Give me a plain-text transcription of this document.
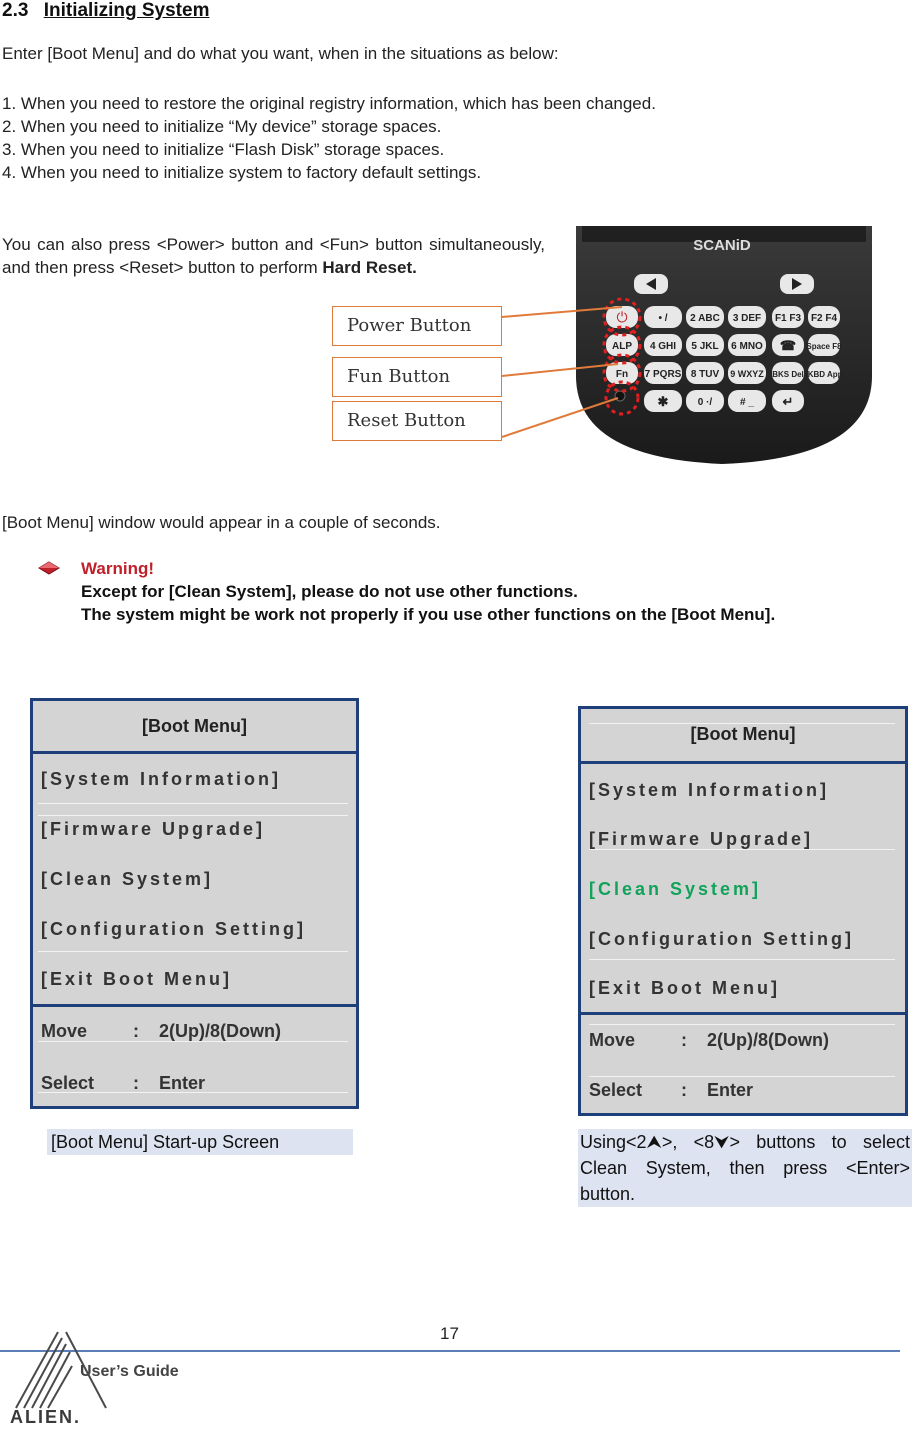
2.3 Initializing System
Enter [Boot Menu] and do what you want, when in the situations as below:
1. When you need to restore the original registry information, which has been changed.
2. When you need to initialize “My device” storage spaces.
3. When you need to initialize “Flash Disk” storage spaces.
4. When you need to initialize system to factory default settings.
You can also press <Power> button and <Fun> button simultaneously, and then press <Reset> button to perform Hard Reset.
SCANiD
⏻	• / 2 ABC 3 DEF F1 F3 F2 F4
ALP 4 GHI 5 JKL 6 MNO ☎ Space F8
Fn 7 PQRS 8 TUV 9 WXYZ BKS Del IKBD App
✱	0 ·/	# _ ↵
Power Button
Fun Button
Reset Button
[Boot Menu] window would appear in a couple of seconds.
Warning!
Except for [Clean System], please do not use other functions.
The system might be work not properly if you use other functions on the [Boot Menu].
[Boot Menu]
[System Information]
[Firmware Upgrade]
[Clean System]
[Configuration Setting]
[Exit Boot Menu]
Move	: 2(Up)/8(Down)
Select : Enter
[Boot Menu]
[System Information]
[Firmware Upgrade]
[Clean System]
[Configuration Setting]
[Exit Boot Menu]
Move	: 2(Up)/8(Down)
Select : Enter
[Boot Menu] Start-up Screen	Using<2⮝>, <8⮟> buttons to select Clean System, then press <Enter> button.
17
User’s Guide
ALIEN.
